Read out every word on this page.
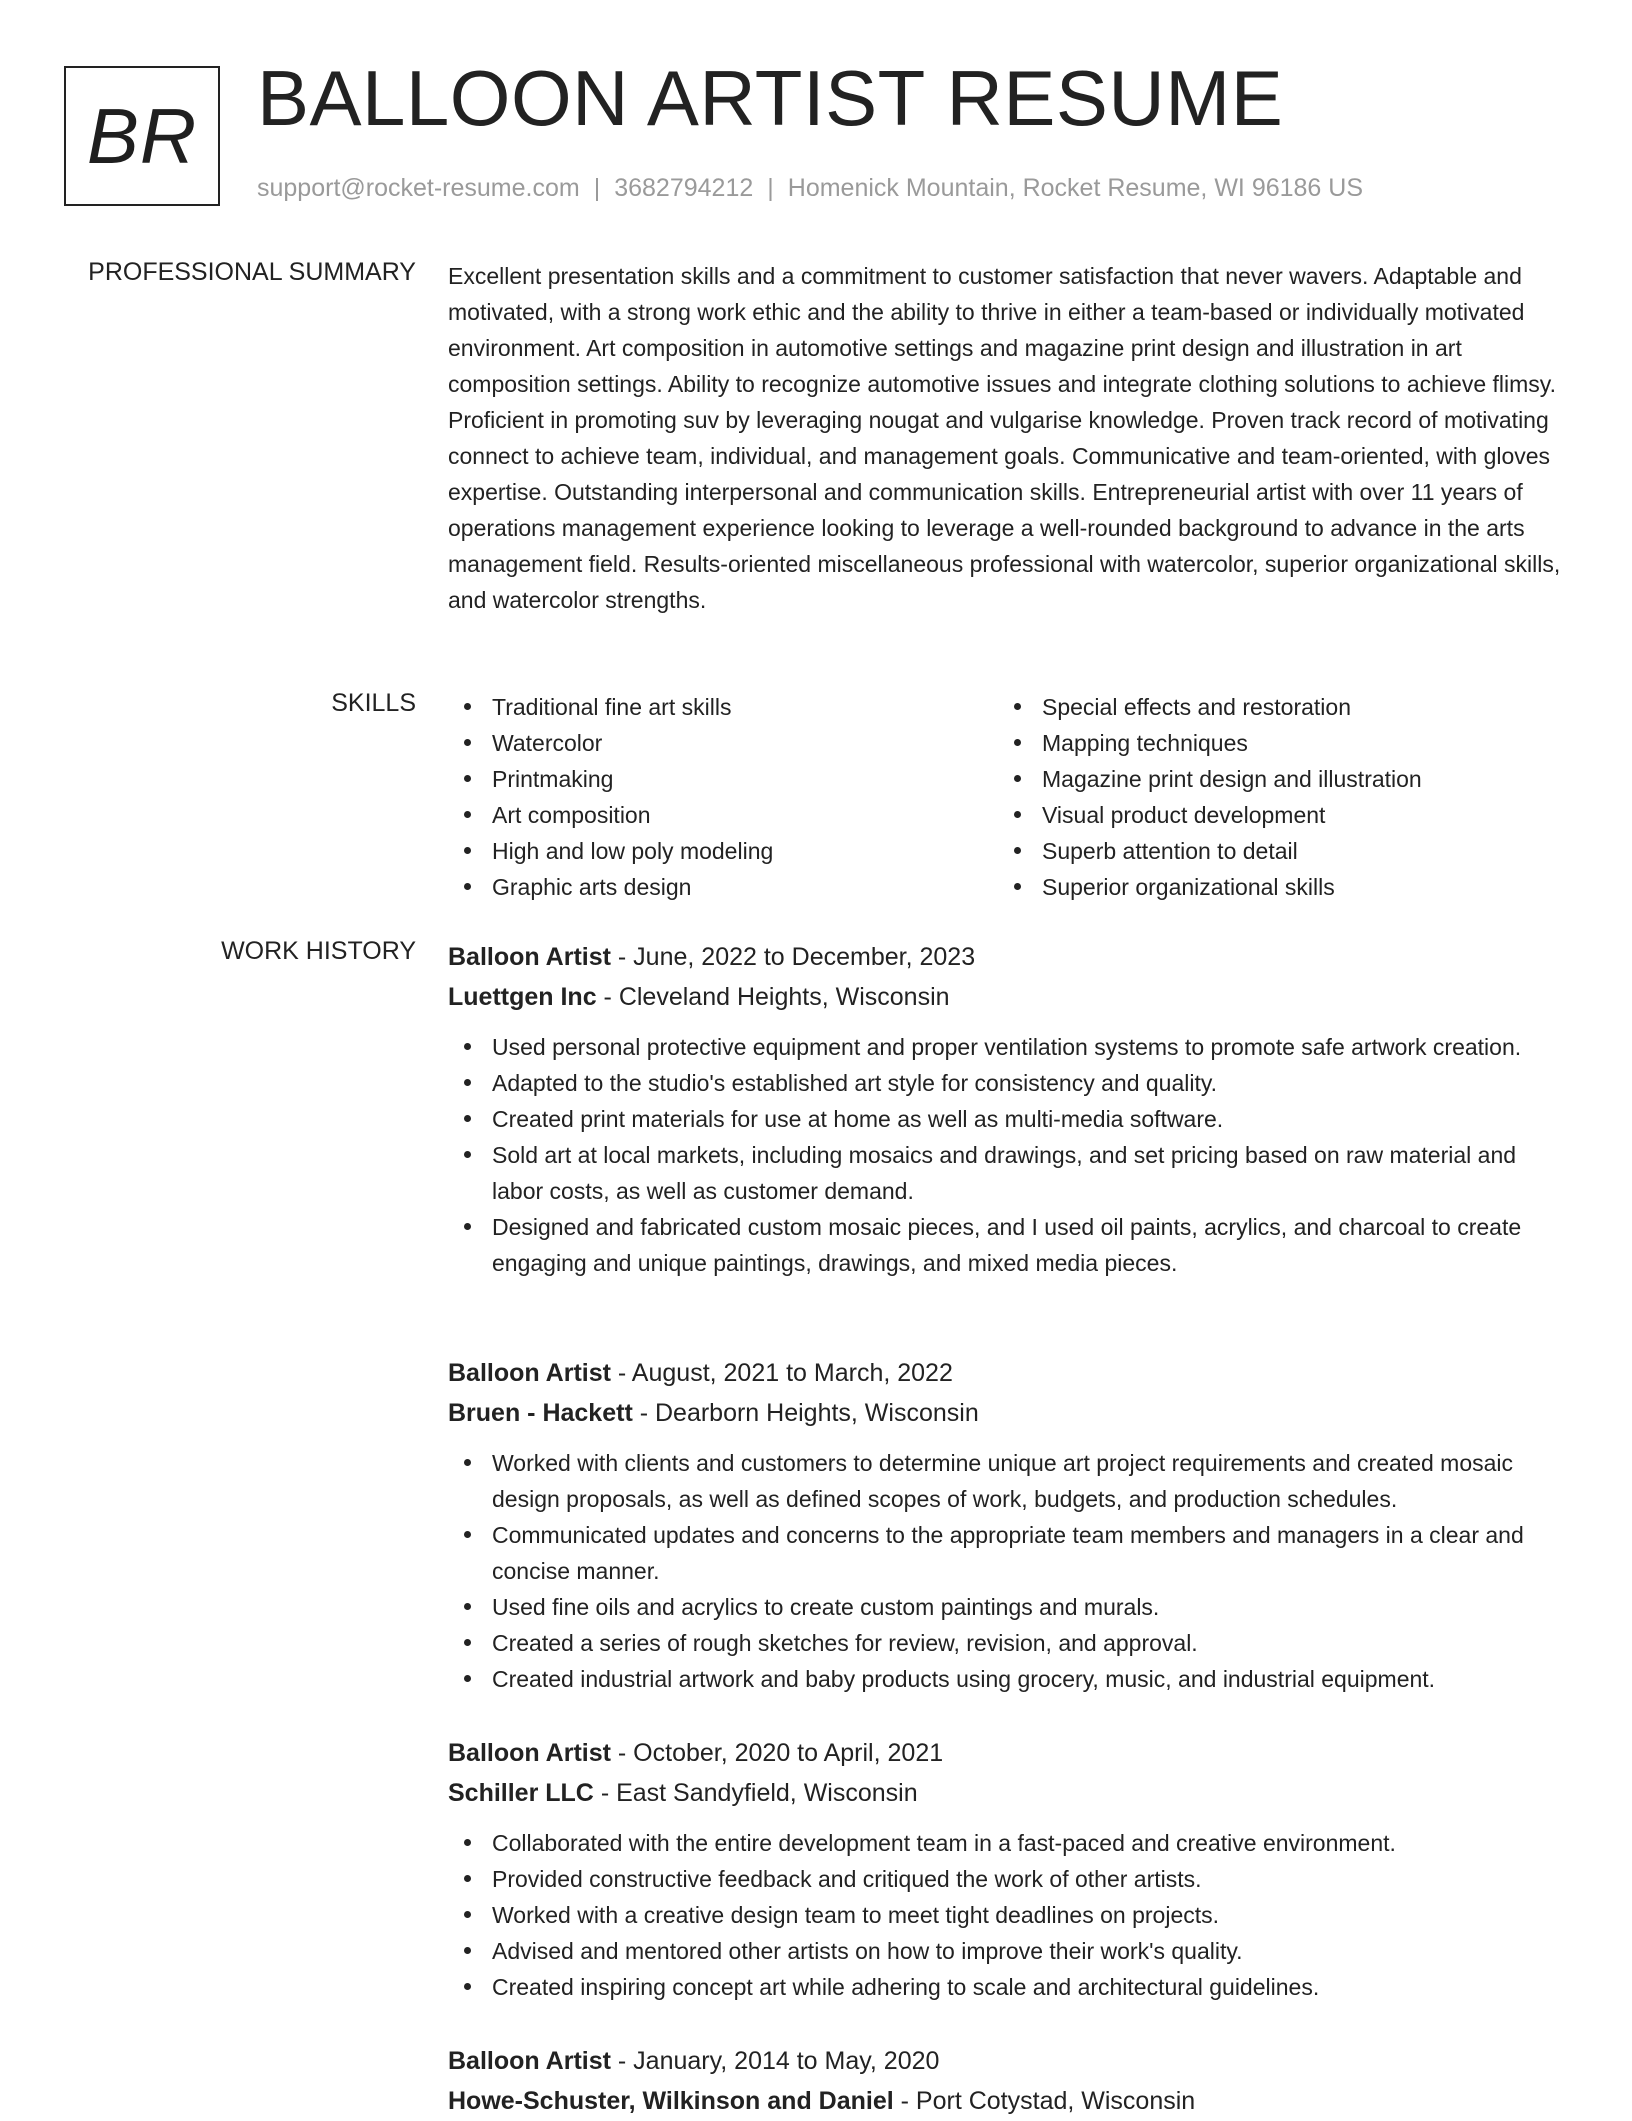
BR BALLOON ARTIST RESUME
support@rocket-resume.com | 3682794212 | Homenick Mountain, Rocket Resume, WI 96186 US
PROFESSIONAL SUMMARY Excellent presentation skills and a commitment to customer satisfaction that never wavers. Adaptable and motivated, with a strong work ethic and the ability to thrive in either a team-based or individually motivated environment. Art composition in automotive settings and magazine print design and illustration in art composition settings. Ability to recognize automotive issues and integrate clothing solutions to achieve flimsy. Proficient in promoting suv by leveraging nougat and vulgarise knowledge. Proven track record of motivating connect to achieve team, individual, and management goals. Communicative and team-oriented, with gloves expertise. Outstanding interpersonal and communication skills. Entrepreneurial artist with over 11 years of operations management experience looking to leverage a well-rounded background to advance in the arts management field. Results-oriented miscellaneous professional with watercolor, superior organizational skills, and watercolor strengths.
SKILLS	Traditional fine art skills
Watercolor
Printmaking
Art composition
High and low poly modeling
Graphic arts design
Special effects and restoration
Mapping techniques
Magazine print design and illustration
Visual product development
Superb attention to detail
Superior organizational skills
WORK HISTORY Balloon Artist - June, 2022 to December, 2023
Luettgen Inc - Cleveland Heights, Wisconsin
Used personal protective equipment and proper ventilation systems to promote safe artwork creation.
Adapted to the studio's established art style for consistency and quality.
Created print materials for use at home as well as multi-media software.
Sold art at local markets, including mosaics and drawings, and set pricing based on raw material and labor costs, as well as customer demand.
Designed and fabricated custom mosaic pieces, and I used oil paints, acrylics, and charcoal to create engaging and unique paintings, drawings, and mixed media pieces.
Balloon Artist - August, 2021 to March, 2022
Bruen - Hackett - Dearborn Heights, Wisconsin
Worked with clients and customers to determine unique art project requirements and created mosaic design proposals, as well as defined scopes of work, budgets, and production schedules.
Communicated updates and concerns to the appropriate team members and managers in a clear and concise manner.
Used fine oils and acrylics to create custom paintings and murals.
Created a series of rough sketches for review, revision, and approval.
Created industrial artwork and baby products using grocery, music, and industrial equipment.
Balloon Artist - October, 2020 to April, 2021
Schiller LLC - East Sandyfield, Wisconsin
Collaborated with the entire development team in a fast-paced and creative environment.
Provided constructive feedback and critiqued the work of other artists.
Worked with a creative design team to meet tight deadlines on projects.
Advised and mentored other artists on how to improve their work's quality.
Created inspiring concept art while adhering to scale and architectural guidelines.
Balloon Artist - January, 2014 to May, 2020
Howe-Schuster, Wilkinson and Daniel - Port Cotystad, Wisconsin
